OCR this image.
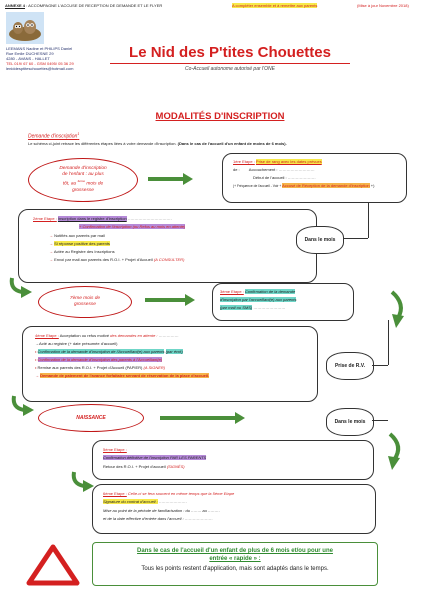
ANNEXE 4 : ACCOMPAGNE L'ACCUSE DE RECEPTION DE DEMANDE ET LE FLYER	A compléter ensemble et à remettre aux parents	(Mise à jour Novembre 2018)
LEEMANS Nadine et PHILIPS Daniel
Rue Emile DUCHESNE 29
4280 - AVANS - HALLET
TEL 019/ 67 60 - GSM 0495/ 05 36 29
leniddesptiteschouettes@hotmail.com
Le Nid des P'tites Chouettes
Co-Accueil autonome autorisé par l'ONE
MODALITÉS D'INSCRIPTION
Demande d'inscription$^1$
Le schéma ci-joint retrace les différentes étapes liées à votre demande d'inscription. (Dans le cas de l'accueil d'un enfant de moins de 6 mois).
Demande d'inscription
de l'enfant : au plus
tôt, au $^{4ème}$ mois de
grossesse
1ère Etape : Prise de rang avec les dates prévues
de : Accouchement : ………………………
Début de l'accueil : …………………
(+ Fréquence de l'accueil - Voir + Accusé de Réception de la demande d'inscription +)
2ème Etape : Inscription dans le registre d'inscription ……………………………
+ Confirmation de l'inscription (ou Refus au mois en attente)
→ Notifiés aux parents par mail
→ Si réponse positive des parents
→ Actée au Registre des Inscriptions
→ Envoi par mail aux parents des R.O.I. + Projet d'Accueil (A CONSULTER)
Dans le mois
7ème mois de
grossesse
3ème Etape : Confirmation de la demande
d'inscription par l'accueillant(e) aux parents
(par mail ou SMS) ……………………
4ème Etape : Acceptation ou refus motivé des demandes en attente : ……………
→Acté au registre (+ date présumée d'accueil)
• Confirmation de la demande d'inscription de l'Accueillant(e) aux parents (par écrit)
• Confirmation de la demande d'inscription des parents à l'Accueillant(e)
• Remise aux parents des R.O.I. + Projet d'Accueil (PAPIER) (A SIGNER)
→ Demande de paiement de l'avance forfaitaire servant de réservation de la place d'accueil.
Prise de R.V.
NAISSANCE
Dans le mois
5ème Etape :
Confirmation définitive de l'inscription PAR LES PARENTS
Retour des R.O.I. + Projet d'accueil (SIGNÉS)
6ème Etape : Celle-ci se fera souvent en même temps que la 5ème Etape
Signature du contrat d'accueil : …………………
Mise au point de la période de familiarisation : du …….. au ………
et de la date effective d'entrée dans l'accueil : …………………
Dans le cas de l'accueil d'un enfant de plus de 6 mois et/ou pour une
entrée « rapide » :
Tous les points restent d'application, mais sont adaptés dans le temps.
